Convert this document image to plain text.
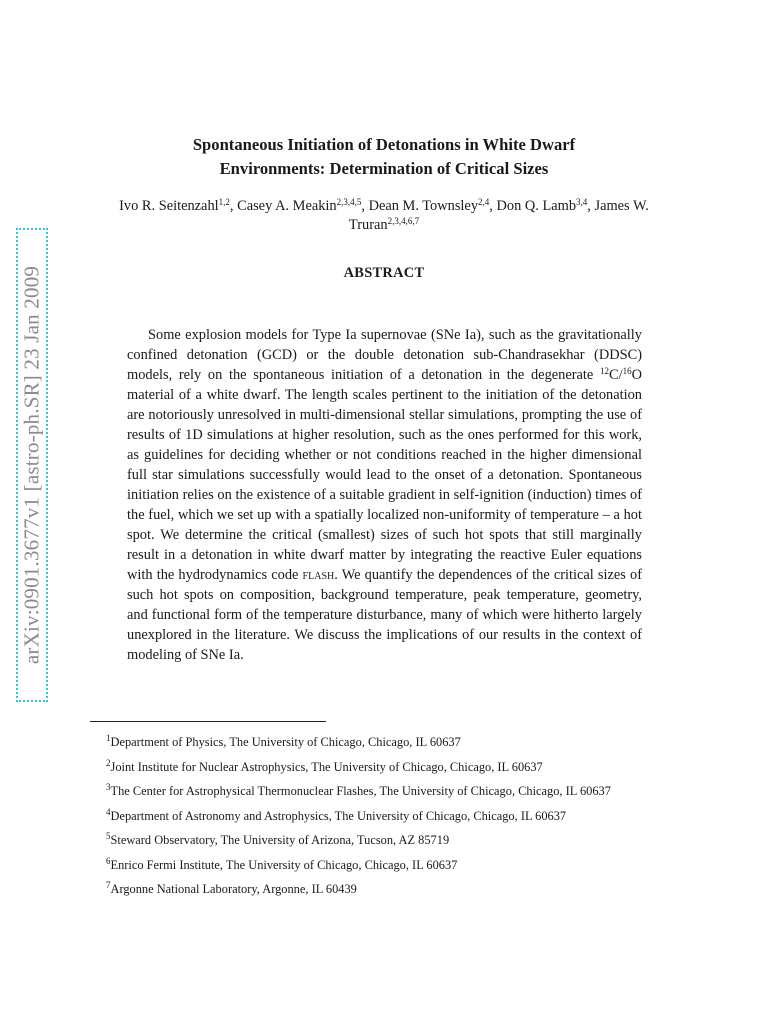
arXiv:0901.3677v1 [astro-ph.SR] 23 Jan 2009
Spontaneous Initiation of Detonations in White Dwarf
Environments: Determination of Critical Sizes
Ivo R. Seitenzahl$^{1,2}$, Casey A. Meakin$^{2,3,4,5}$, Dean M. Townsley$^{2,4}$, Don Q. Lamb$^{3,4}$, James W. Truran$^{2,3,4,6,7}$
ABSTRACT

Some explosion models for Type Ia supernovae (SNe Ia), such as the gravitationally confined detonation (GCD) or the double detonation sub-Chandrasekhar (DDSC) models, rely on the spontaneous initiation of a detonation in the degenerate $^{12}$C/$^{16}$O material of a white dwarf. The length scales pertinent to the initiation of the detonation are notoriously unresolved in multi-dimensional stellar simulations, prompting the use of results of 1D simulations at higher resolution, such as the ones performed for this work, as guidelines for deciding whether or not conditions reached in the higher dimensional full star simulations successfully would lead to the onset of a detonation. Spontaneous initiation relies on the existence of a suitable gradient in self-ignition (induction) times of the fuel, which we set up with a spatially localized non-uniformity of temperature – a hot spot. We determine the critical (smallest) sizes of such hot spots that still marginally result in a detonation in white dwarf matter by integrating the reactive Euler equations with the hydrodynamics code flash. We quantify the dependences of the critical sizes of such hot spots on composition, background temperature, peak temperature, geometry, and functional form of the temperature disturbance, many of which were hitherto largely unexplored in the literature. We discuss the implications of our results in the context of modeling of SNe Ia.

$^1$Department of Physics, The University of Chicago, Chicago, IL 60637
$^2$Joint Institute for Nuclear Astrophysics, The University of Chicago, Chicago, IL 60637
$^3$The Center for Astrophysical Thermonuclear Flashes, The University of Chicago, Chicago, IL 60637
$^4$Department of Astronomy and Astrophysics, The University of Chicago, Chicago, IL 60637
$^5$Steward Observatory, The University of Arizona, Tucson, AZ 85719
$^6$Enrico Fermi Institute, The University of Chicago, Chicago, IL 60637
$^7$Argonne National Laboratory, Argonne, IL 60439
